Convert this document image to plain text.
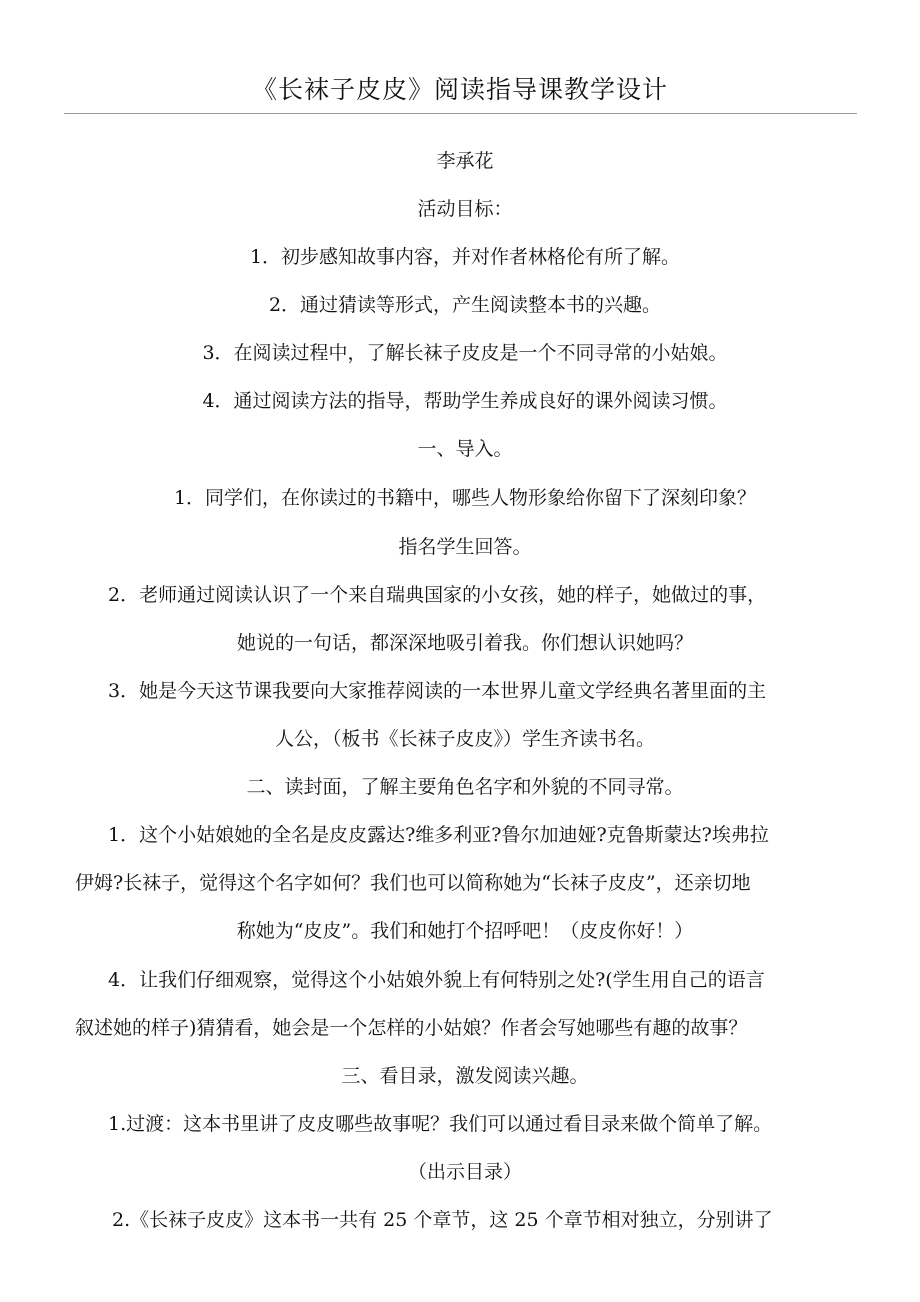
《长袜子皮皮》阅读指导课教学设计

李承花

活动目标：

1．初步感知故事内容，并对作者林格伦有所了解。

2．通过猜读等形式，产生阅读整本书的兴趣。

3．在阅读过程中，了解长袜子皮皮是一个不同寻常的小姑娘。

4．通过阅读方法的指导，帮助学生养成良好的课外阅读习惯。

一、导入。

1．同学们，在你读过的书籍中，哪些人物形象给你留下了深刻印象？

指名学生回答。

2．老师通过阅读认识了一个来自瑞典国家的小女孩，她的样子，她做过的事，

她说的一句话，都深深地吸引着我。你们想认识她吗？

3．她是今天这节课我要向大家推荐阅读的一本世界儿童文学经典名著里面的主

人公，（板书《长袜子皮皮》）学生齐读书名。

二、读封面，了解主要角色名字和外貌的不同寻常。

1．这个小姑娘她的全名是皮皮露达?维多利亚?鲁尔加迪娅?克鲁斯蒙达?埃弗拉

伊姆?长袜子，觉得这个名字如何？我们也可以简称她为“长袜子皮皮”，还亲切地

称她为“皮皮”。我们和她打个招呼吧！（皮皮你好！）

4．让我们仔细观察，觉得这个小姑娘外貌上有何特别之处?(学生用自己的语言

叙述她的样子)猜猜看，她会是一个怎样的小姑娘？作者会写她哪些有趣的故事？

三、看目录，激发阅读兴趣。

1.过渡：这本书里讲了皮皮哪些故事呢？我们可以通过看目录来做个简单了解。

（出示目录）

2.《长袜子皮皮》这本书一共有 25 个章节，这 25 个章节相对独立，分别讲了
